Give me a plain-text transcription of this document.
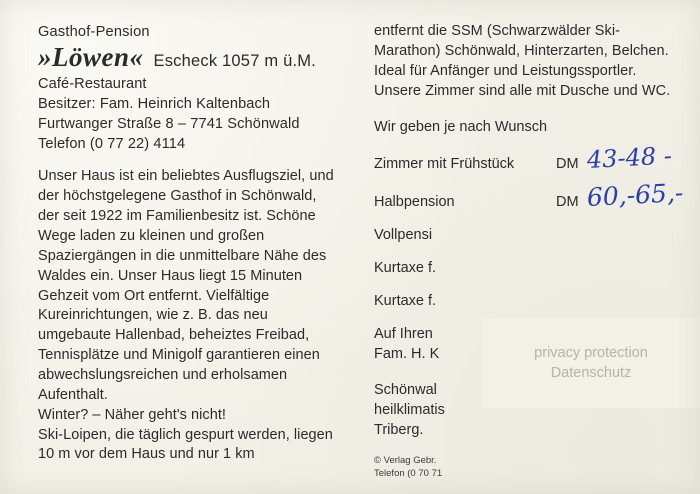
Gasthof-Pension
»Löwen« Escheck 1057 m ü.M.
Café-Restaurant
Besitzer: Fam. Heinrich Kaltenbach
Furtwanger Straße 8 – 7741 Schönwald
Telefon (0 77 22) 4114

Unser Haus ist ein beliebtes Ausflugsziel, und der höchstgelegene Gasthof in Schönwald, der seit 1922 im Familienbesitz ist. Schöne Wege laden zu kleinen und großen Spaziergängen in die unmittelbare Nähe des Waldes ein. Unser Haus liegt 15 Minuten Gehzeit vom Ort entfernt. Vielfältige Kureinrichtungen, wie z. B. das neu umgebaute Hallenbad, beheiztes Freibad, Tennisplätze und Minigolf garantieren einen abwechslungsreichen und erholsamen Aufenthalt.

Winter? – Näher geht's nicht!

Ski-Loipen, die täglich gespurt werden, liegen 10 m vor dem Haus und nur 1 km

entfernt die SSM (Schwarzwälder Ski-Marathon) Schönwald, Hinterzarten, Belchen. Ideal für Anfänger und Leistungssportler.

Unsere Zimmer sind alle mit Dusche und WC.

Wir geben je nach Wunsch
Zimmer mit Frühstück	DM 43-48 -
Halbpension	DM 60,-65,-
Vollpensi
Kurtaxe f.
Kurtaxe f.

Auf Ihren

Fam. H. K

Schönwal

heilklimatis

Triberg.

privacy protection
Datenschutz

© Verlag Gebr.

Telefon (0 70 71
